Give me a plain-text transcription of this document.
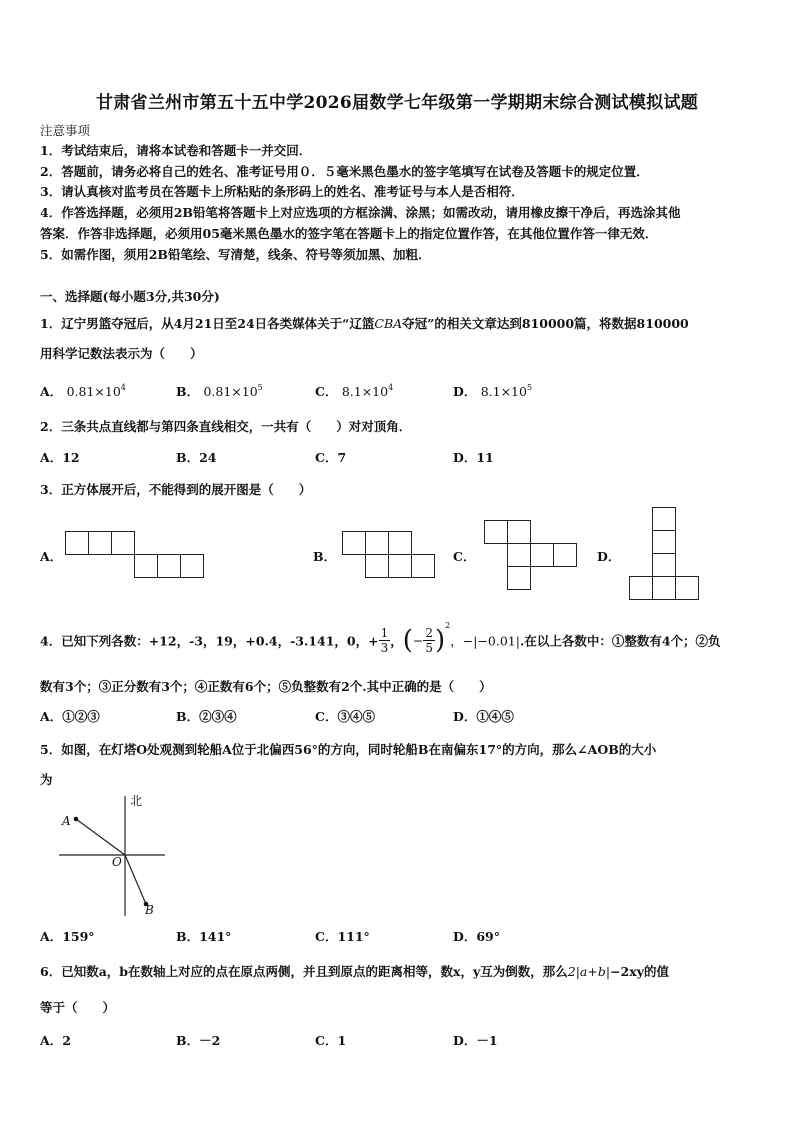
甘肃省兰州市第五十五中学2026届数学七年级第一学期期末综合测试模拟试题
注意事项
1．考试结束后，请将本试卷和答题卡一并交回．
2．答题前，请务必将自己的姓名、准考证号用０．５毫米黑色墨水的签字笔填写在试卷及答题卡的规定位置．
3．请认真核对监考员在答题卡上所粘贴的条形码上的姓名、准考证号与本人是否相符．
4．作答选择题，必须用2B铅笔将答题卡上对应选项的方框涂满、涂黑；如需改动，请用橡皮擦干净后，再选涂其他
答案．作答非选择题，必须用05毫米黑色墨水的签字笔在答题卡上的指定位置作答，在其他位置作答一律无效．
5．如需作图，须用2B铅笔绘、写清楚，线条、符号等须加黑、加粗．
一、选择题(每小题3分,共30分)
1．辽宁男篮夺冠后，从4月21日至24日各类媒体关于“辽篮CBA夺冠”的相关文章达到810000篇，将数据810000
用科学记数法表示为（　　）
A． $0.81\times 10^4$	B． $0.81\times 10^5$	C． $8.1\times 10^4$	D． $8.1\times 10^5$
2．三条共点直线都与第四条直线相交，一共有（　　）对对顶角．
A．12	B．24	C．7	D．11
3．正方体展开后，不能得到的展开图是（　　）
A．	B．	C．	D．
4．已知下列各数：+12，-3，19，+0.4，-3.141，0，+ $\frac{1}{3}$ ，(− $\frac{2}{5} )^2$，−|−0.01|.在以上各数中：①整数有4个；②负
数有3个；③正分数有3个；④正数有6个；⑤负整数有2个.其中正确的是（　　）
A．①②③	B．②③④	C．③④⑤	D．①④⑤
5．如图，在灯塔O处观测到轮船A位于北偏西56°的方向，同时轮船B在南偏东17°的方向，那么∠AOB的大小
为
北
A
O
B
A．159°	B．141°	C．111°	D．69°
6．已知数a，b在数轴上对应的点在原点两侧，并且到原点的距离相等，数x，y互为倒数，那么2|a+b|−2xy的值
等于（　　）
A．2	B．－2	C．1	D．－1
